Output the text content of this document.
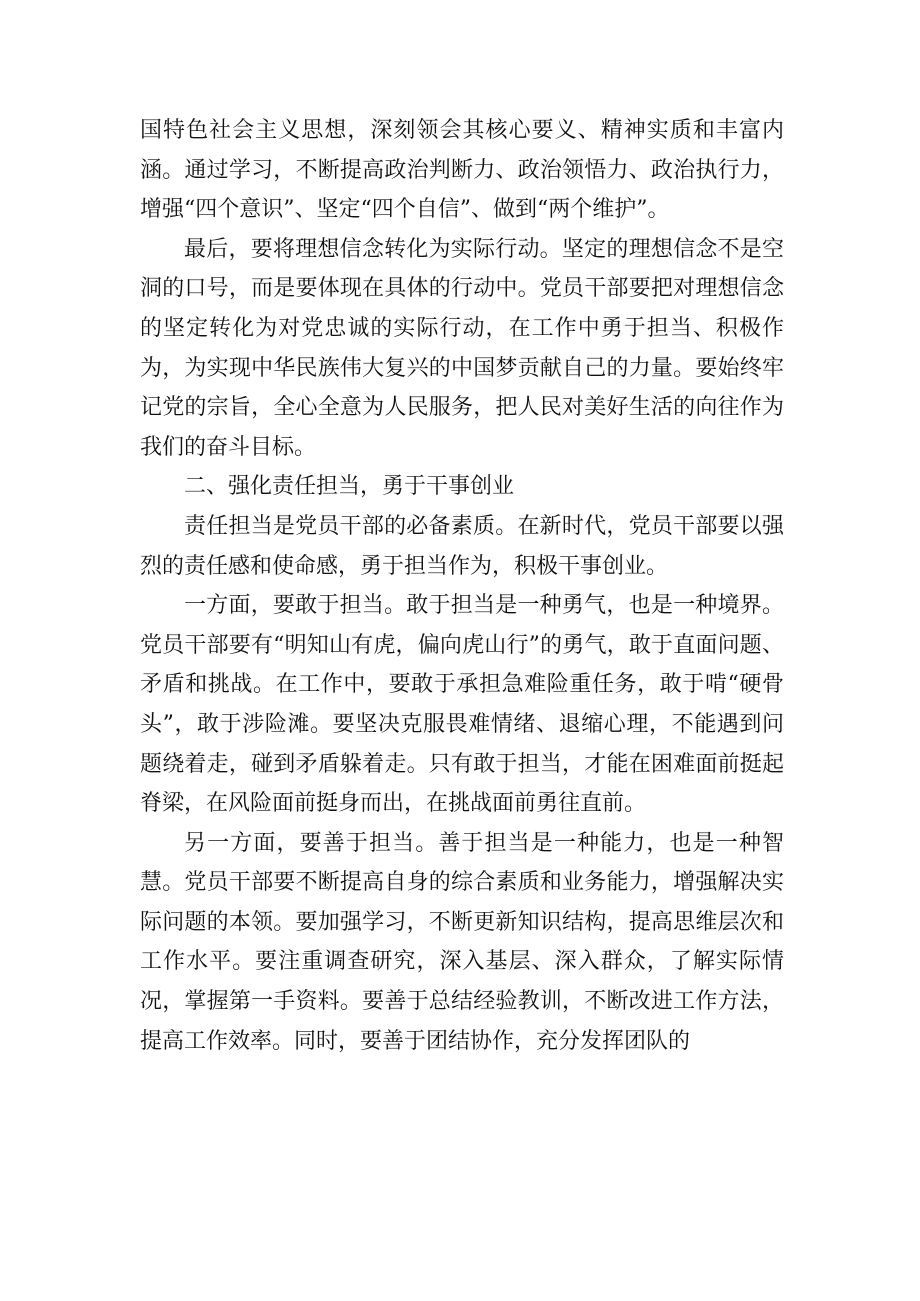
国特色社会主义思想，深刻领会其核心要义、精神实质和丰富内涵。通过学习，不断提高政治判断力、政治领悟力、政治执行力，增强“四个意识”、坚定“四个自信”、做到“两个维护”。

最后，要将理想信念转化为实际行动。坚定的理想信念不是空洞的口号，而是要体现在具体的行动中。党员干部要把对理想信念的坚定转化为对党忠诚的实际行动，在工作中勇于担当、积极作为，为实现中华民族伟大复兴的中国梦贡献自己的力量。要始终牢记党的宗旨，全心全意为人民服务，把人民对美好生活的向往作为我们的奋斗目标。

二、强化责任担当，勇于干事创业

责任担当是党员干部的必备素质。在新时代，党员干部要以强烈的责任感和使命感，勇于担当作为，积极干事创业。

一方面，要敢于担当。敢于担当是一种勇气，也是一种境界。党员干部要有“明知山有虎，偏向虎山行”的勇气，敢于直面问题、矛盾和挑战。在工作中，要敢于承担急难险重任务，敢于啃“硬骨头”，敢于涉险滩。要坚决克服畏难情绪、退缩心理，不能遇到问题绕着走，碰到矛盾躲着走。只有敢于担当，才能在困难面前挺起脊梁，在风险面前挺身而出，在挑战面前勇往直前。

另一方面，要善于担当。善于担当是一种能力，也是一种智慧。党员干部要不断提高自身的综合素质和业务能力，增强解决实际问题的本领。要加强学习，不断更新知识结构，提高思维层次和工作水平。要注重调查研究，深入基层、深入群众，了解实际情况，掌握第一手资料。要善于总结经验教训，不断改进工作方法，提高工作效率。同时，要善于团结协作，充分发挥团队的
